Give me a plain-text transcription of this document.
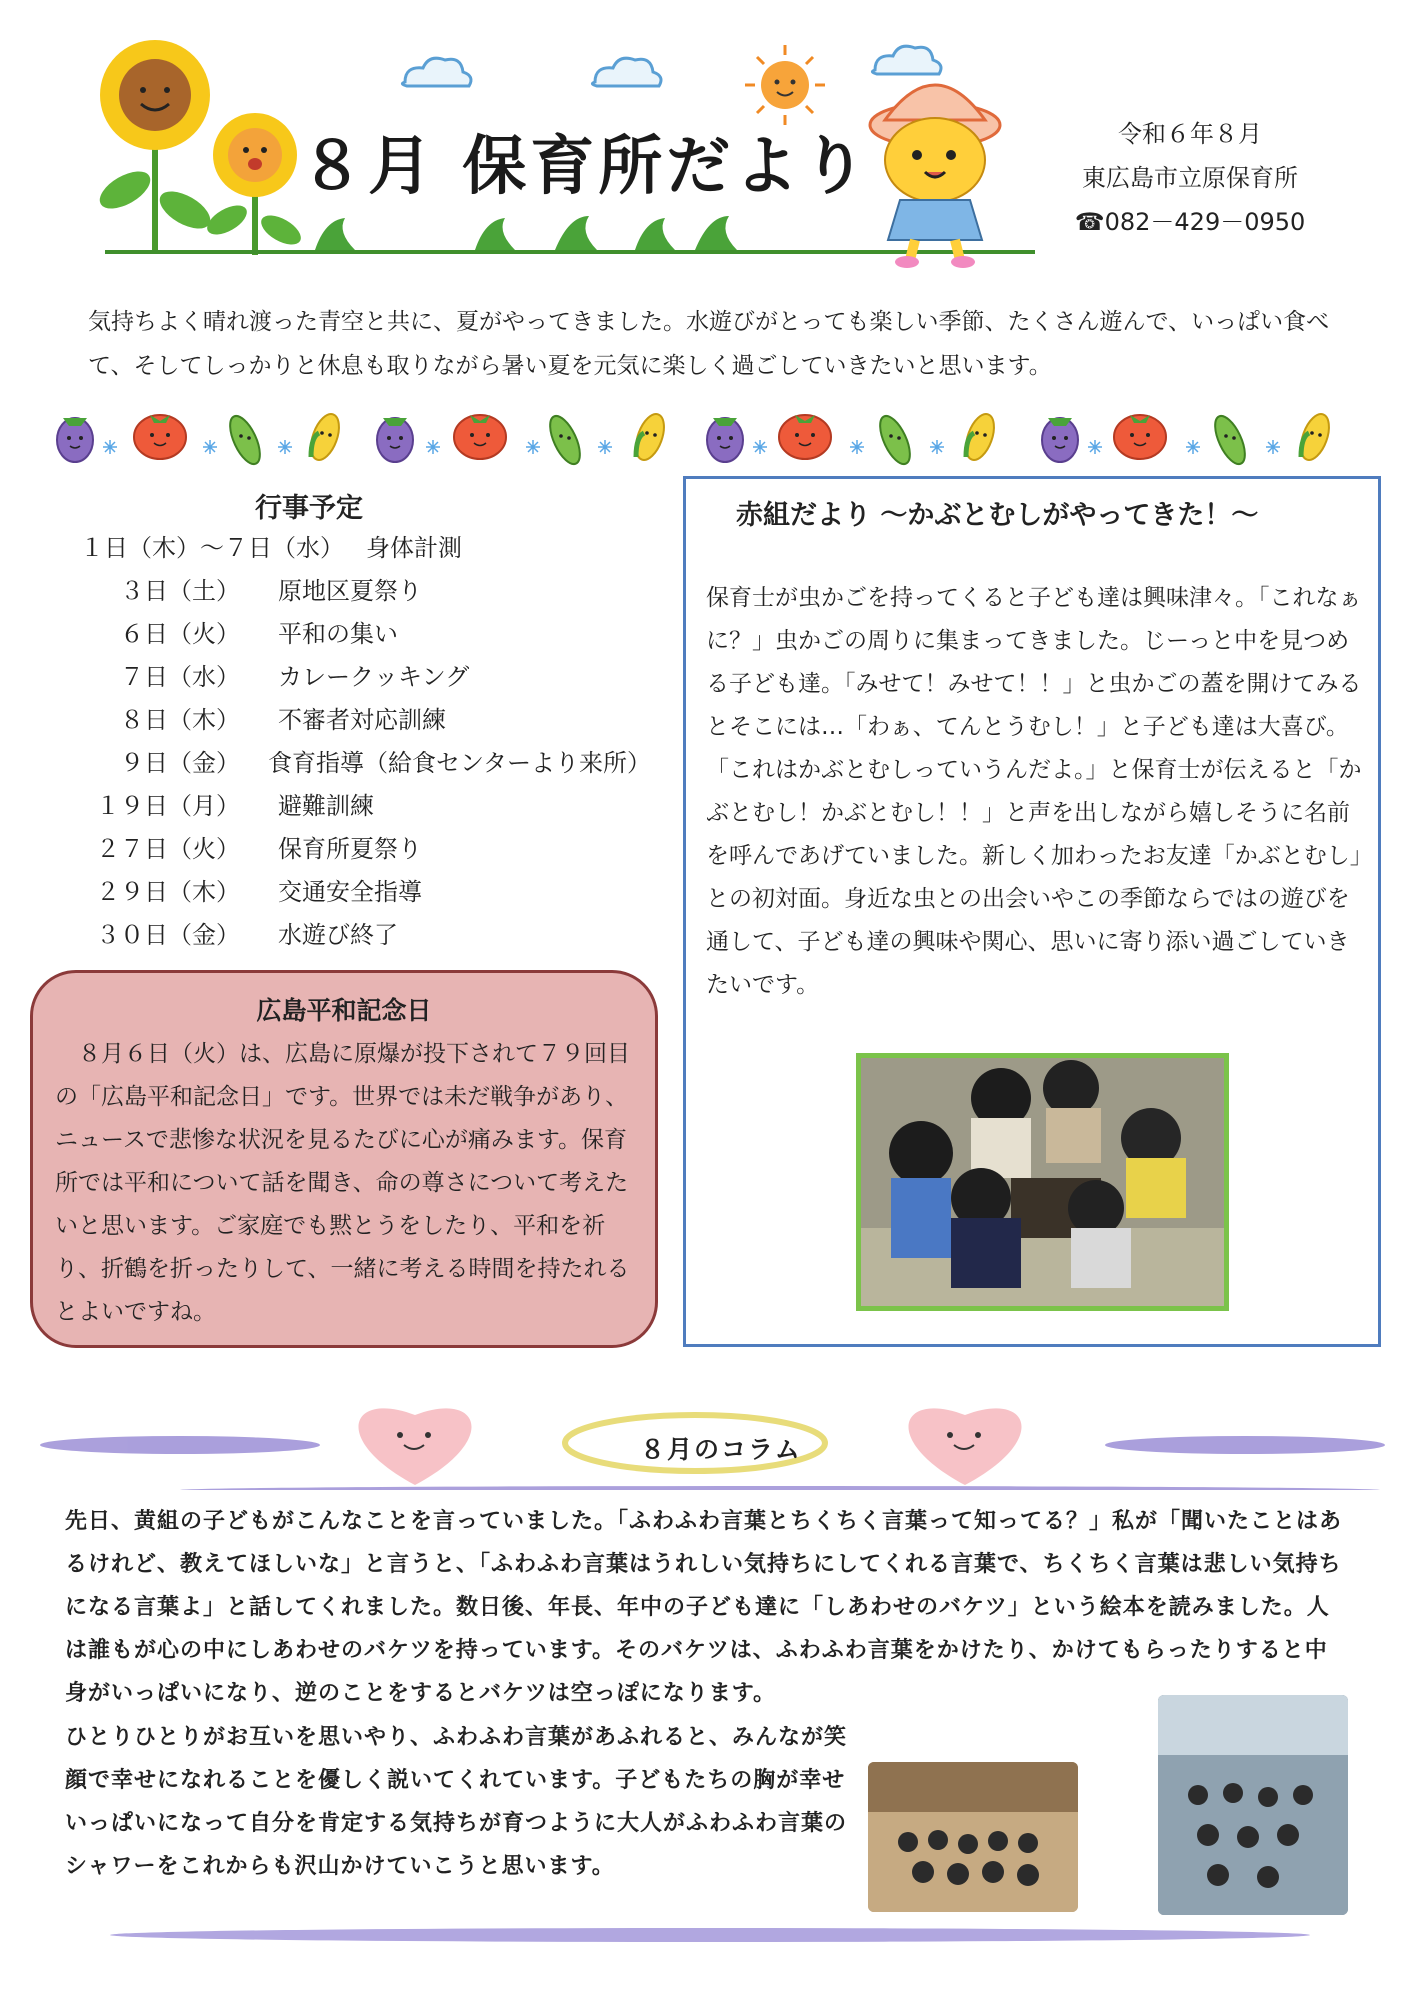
８月 保育所だより	令和６年８月
東広島市立原保育所
☎082－429－0950
気持ちよく晴れ渡った青空と共に、夏がやってきました。水遊びがとっても楽しい季節、たくさん遊んで、いっぱい食べて、そしてしっかりと休息も取りながら暑い夏を元気に楽しく過ごしていきたいと思います。
行事予定
１日（木）～７日（水） 身体計測
３日（土）	原地区夏祭り
６日（火）	平和の集い
７日（水）	カレークッキング
８日（木）	不審者対応訓練
９日（金）	食育指導（給食センターより来所）
１９日（月）	避難訓練
２７日（火）	保育所夏祭り
２９日（木）	交通安全指導
３０日（金）	水遊び終了
広島平和記念日
８月６日（火）は、広島に原爆が投下されて７９回目の「広島平和記念日」です。世界では未だ戦争があり、ニュースで悲惨な状況を見るたびに心が痛みます。保育所では平和について話を聞き、命の尊さについて考えたいと思います。ご家庭でも黙とうをしたり、平和を祈り、折鶴を折ったりして、一緒に考える時間を持たれるとよいですね。
赤組だより ～かぶとむしがやってきた！～
保育士が虫かごを持ってくると子ども達は興味津々。「これなぁに？」虫かごの周りに集まってきました。じーっと中を見つめる子ども達。「みせて！みせて！！」と虫かごの蓋を開けてみるとそこには…「わぁ、てんとうむし！」と子ども達は大喜び。「これはかぶとむしっていうんだよ。」と保育士が伝えると「かぶとむし！かぶとむし！！」と声を出しながら嬉しそうに名前を呼んであげていました。新しく加わったお友達「かぶとむし」との初対面。身近な虫との出会いやこの季節ならではの遊びを通して、子ども達の興味や関心、思いに寄り添い過ごしていきたいです。
８月のコラム
先日、黄組の子どもがこんなことを言っていました。「ふわふわ言葉とちくちく言葉って知ってる？」私が「聞いたことはあるけれど、教えてほしいな」と言うと、「ふわふわ言葉はうれしい気持ちにしてくれる言葉で、ちくちく言葉は悲しい気持ちになる言葉よ」と話してくれました。数日後、年長、年中の子ども達に「しあわせのバケツ」という絵本を読みました。人は誰もが心の中にしあわせのバケツを持っています。そのバケツは、ふわふわ言葉をかけたり、かけてもらったりすると中身がいっぱいになり、逆のことをするとバケツは空っぽになります。
ひとりひとりがお互いを思いやり、ふわふわ言葉があふれると、みんなが笑顔で幸せになれることを優しく説いてくれています。子どもたちの胸が幸せいっぱいになって自分を肯定する気持ちが育つように大人がふわふわ言葉のシャワーをこれからも沢山かけていこうと思います。
